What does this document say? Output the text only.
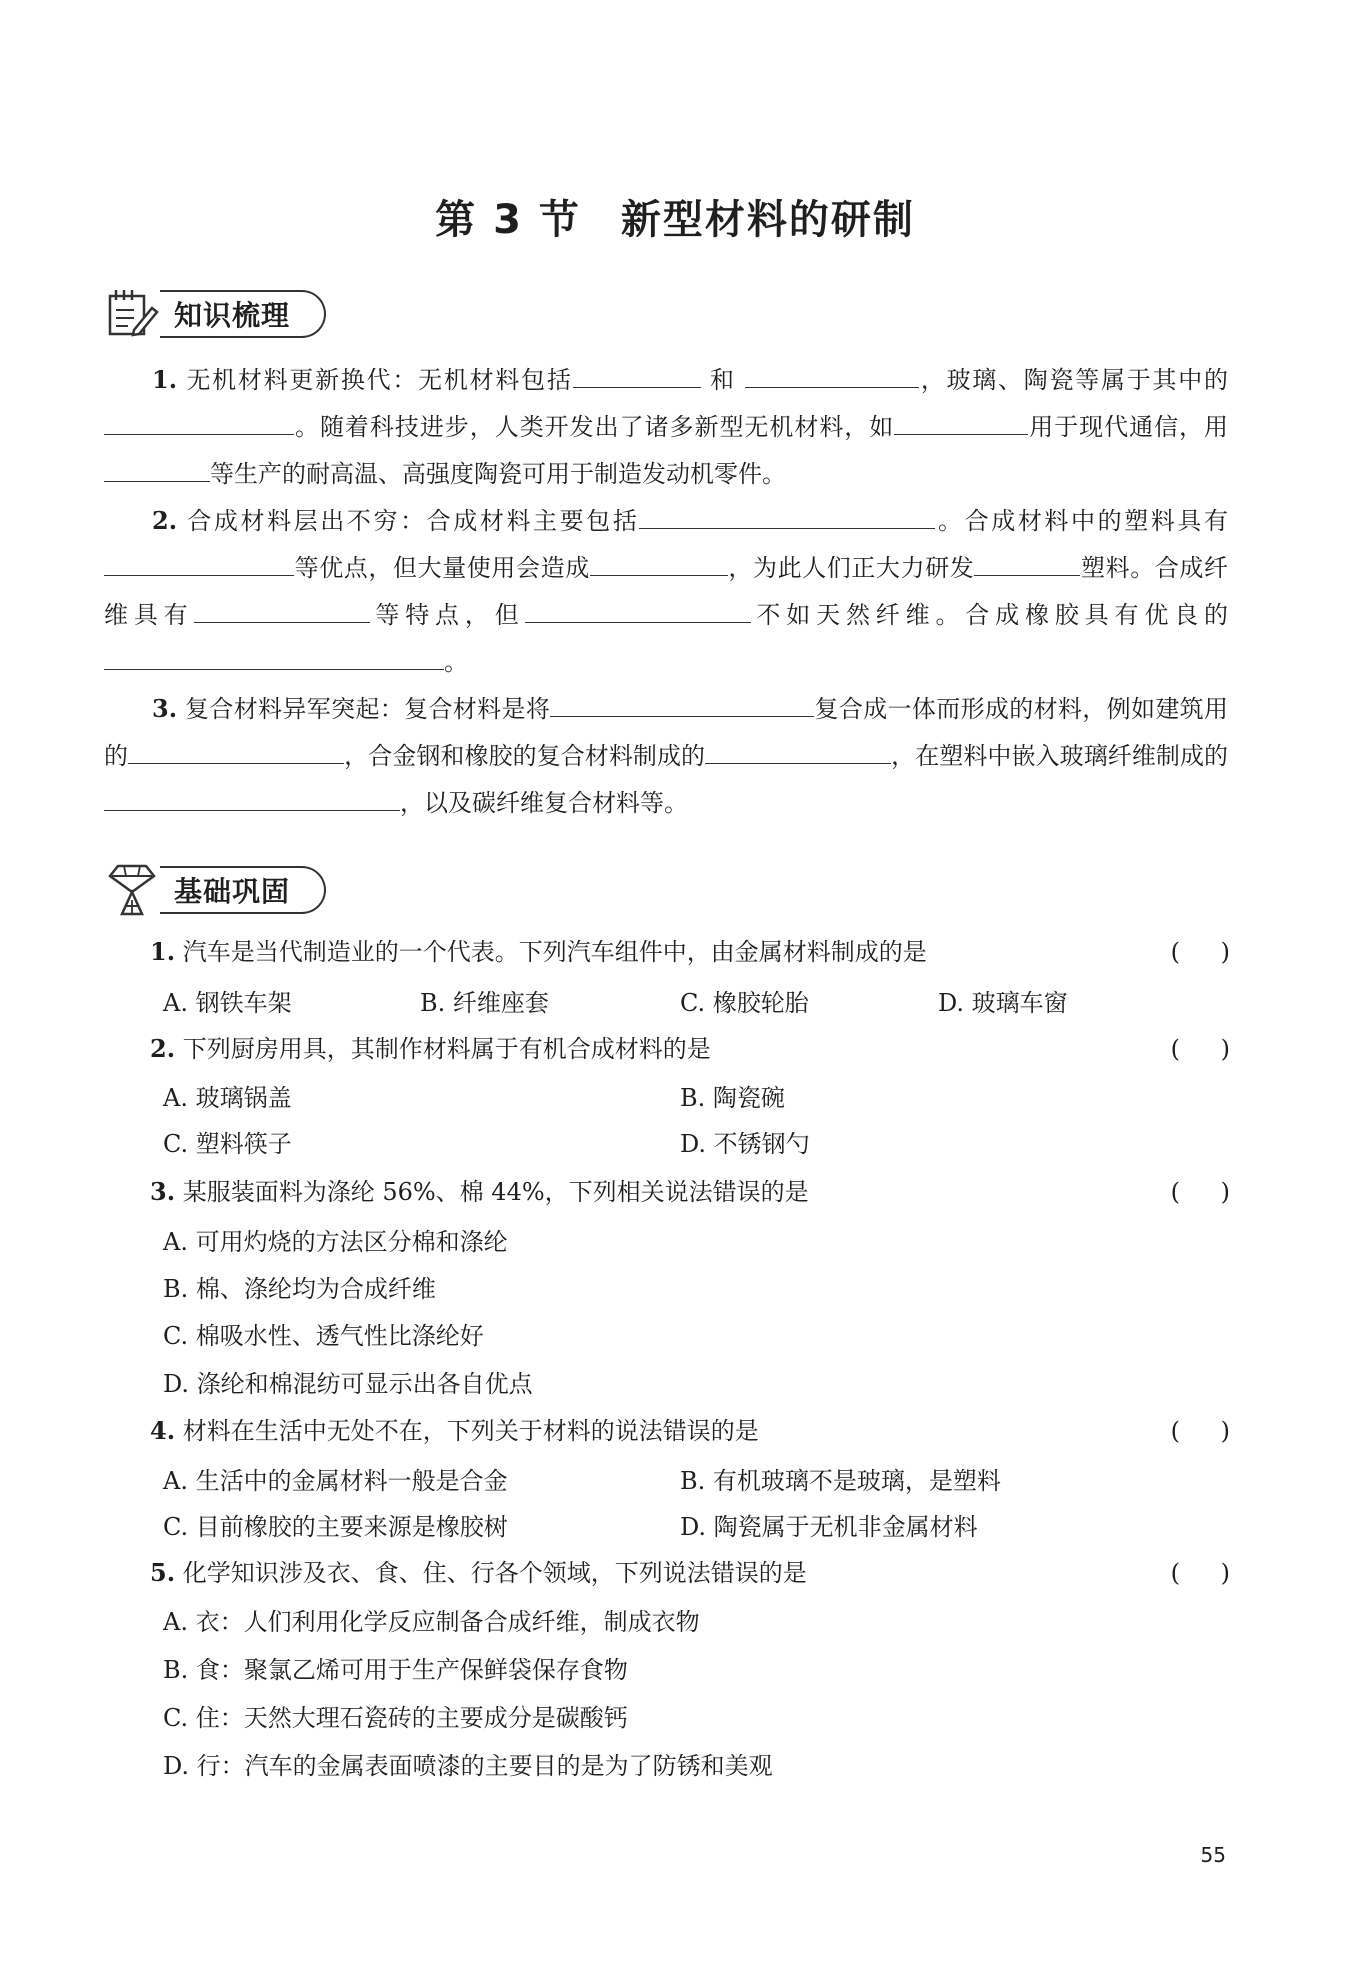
第 3 节 新型材料的研制
知识梳理
1. 无机材料更新换代：无机材料包括	和	，玻璃、陶瓷等属于其中的。随着科技进步，人类开发出了诸多新型无机材料，如	用于现代通信，用等生产的耐高温、高强度陶瓷可用于制造发动机零件。
2. 合成材料层出不穷：合成材料主要包括	。合成材料中的塑料具有等优点，但大量使用会造成	，为此人们正大力研发	塑料。合成纤维具有	等特点，但	不如天然纤维。合成橡胶具有优良的。
3. 复合材料异军突起：复合材料是将	复合成一体而形成的材料，例如建筑用的	，合金钢和橡胶的复合材料制成的	，在塑料中嵌入玻璃纤维制成的，以及碳纤维复合材料等。
基础巩固
1. 汽车是当代制造业的一个代表。下列汽车组件中，由金属材料制成的是	( )
A. 钢铁车架	B. 纤维座套	C. 橡胶轮胎	D. 玻璃车窗
2. 下列厨房用具，其制作材料属于有机合成材料的是	( )
A. 玻璃锅盖	B. 陶瓷碗
C. 塑料筷子	D. 不锈钢勺
3. 某服装面料为涤纶 56%、棉 44%，下列相关说法错误的是	( )
A. 可用灼烧的方法区分棉和涤纶
B. 棉、涤纶均为合成纤维
C. 棉吸水性、透气性比涤纶好
D. 涤纶和棉混纺可显示出各自优点
4. 材料在生活中无处不在，下列关于材料的说法错误的是	( )
A. 生活中的金属材料一般是合金	B. 有机玻璃不是玻璃，是塑料
C. 目前橡胶的主要来源是橡胶树	D. 陶瓷属于无机非金属材料
5. 化学知识涉及衣、食、住、行各个领域，下列说法错误的是	( )
A. 衣：人们利用化学反应制备合成纤维，制成衣物
B. 食：聚氯乙烯可用于生产保鲜袋保存食物
C. 住：天然大理石瓷砖的主要成分是碳酸钙
D. 行：汽车的金属表面喷漆的主要目的是为了防锈和美观
55
